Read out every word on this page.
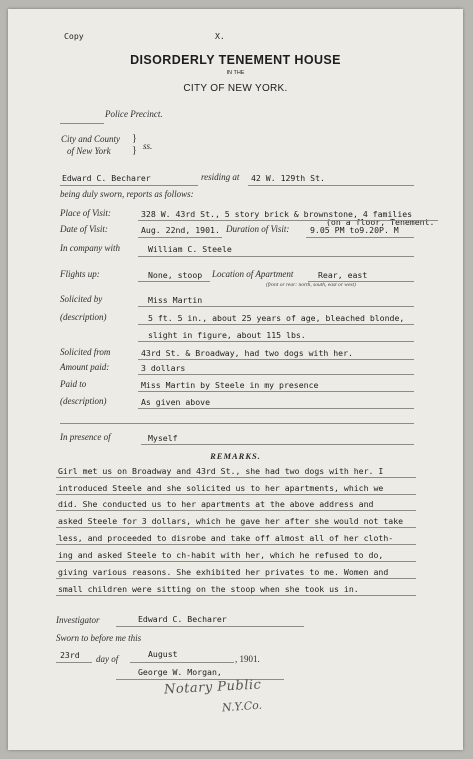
Copy	X.
DISORDERLY TENEMENT HOUSE
IN THE
CITY OF NEW YORK.
Police Precinct.
City and County
of New York
}
} ss.
Edward C. Becharer	residing at 42 W. 129th St.
being duly sworn, reports as follows:
Place of Visit:	328 W. 43rd St., 5 story brick & brownstone, 4 families
(on a floor, Tenement.
Date of Visit:	Aug. 22nd, 1901. Duration of Visit:	9.05 PM to9.20P. M
In company with	William C. Steele
Flights up:	None, stoop Location of Apartment	Rear, east
(front or rear: north, south, east or west)
Solicited by	Miss Martin
(description)	5 ft. 5 in., about 25 years of age, bleached blonde,
slight in figure, about 115 lbs.
Solicited from	43rd St. & Broadway, had two dogs with her.
Amount paid:	3 dollars
Paid to	Miss Martin by Steele in my presence
(description)	As given above
In presence of	Myself
REMARKS.
Girl met us on Broadway and 43rd St., she had two dogs with her. I
introduced Steele and she solicited us to her apartments, which we
did. She conducted us to her apartments at the above address and
asked Steele for 3 dollars, which he gave her after she would not take
less, and proceeded to disrobe and take off almost all of her cloth-
ing and asked Steele to ch-habit with her, which he refused to do,
giving various reasons. She exhibited her privates to me. Women and
small children were sitting on the stoop when she took us in.
Investigator	Edward C. Becharer
Sworn to before me this
23rd day of	August	, 1901.
George W. Morgan,
Notary Public
N.Y.Co.
